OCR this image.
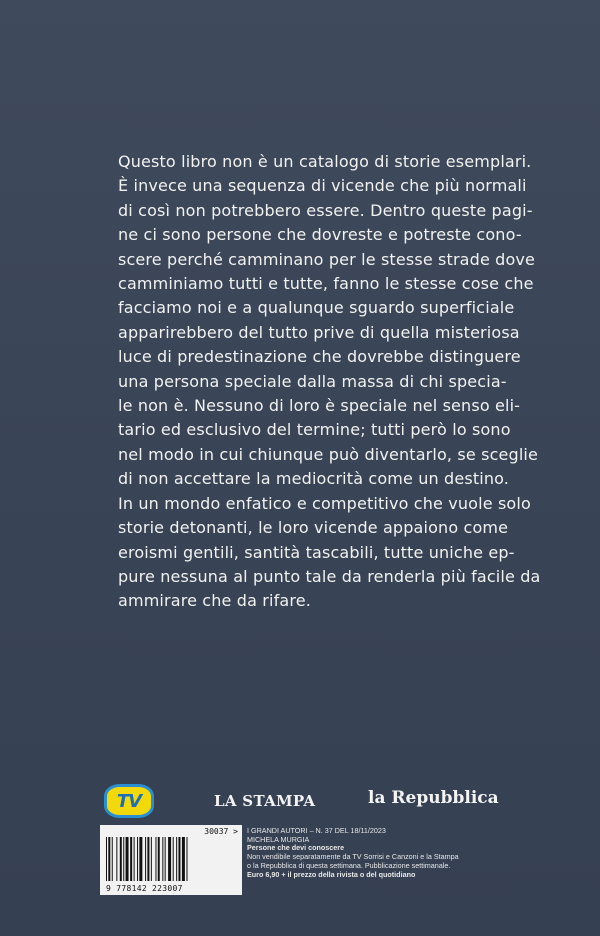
Questo libro non è un catalogo di storie esemplari.
È invece una sequenza di vicende che più normali
di così non potrebbero essere. Dentro queste pagi-
ne ci sono persone che dovreste e potreste cono-
scere perché camminano per le stesse strade dove
camminiamo tutti e tutte, fanno le stesse cose che
facciamo noi e a qualunque sguardo superficiale
apparirebbero del tutto prive di quella misteriosa
luce di predestinazione che dovrebbe distinguere
una persona speciale dalla massa di chi specia-
le non è. Nessuno di loro è speciale nel senso eli-
tario ed esclusivo del termine; tutti però lo sono
nel modo in cui chiunque può diventarlo, se sceglie
di non accettare la mediocrità come un destino.
In un mondo enfatico e competitivo che vuole solo
storie detonanti, le loro vicende appaiono come
eroismi gentili, santità tascabili, tutte uniche ep-
pure nessuna al punto tale da renderla più facile da
ammirare che da rifare.

TV	LA STAMPA	la Repubblica
30037 >
9 778142 223007
I GRANDI AUTORI – N. 37 DEL 18/11/2023
MICHELA MURGIA
Persone che devi conoscere
Non vendibile separatamente da TV Sorrisi e Canzoni e la Stampa
o la Repubblica di questa settimana. Pubblicazione settimanale.
Euro 6,90 + il prezzo della rivista o del quotidiano
